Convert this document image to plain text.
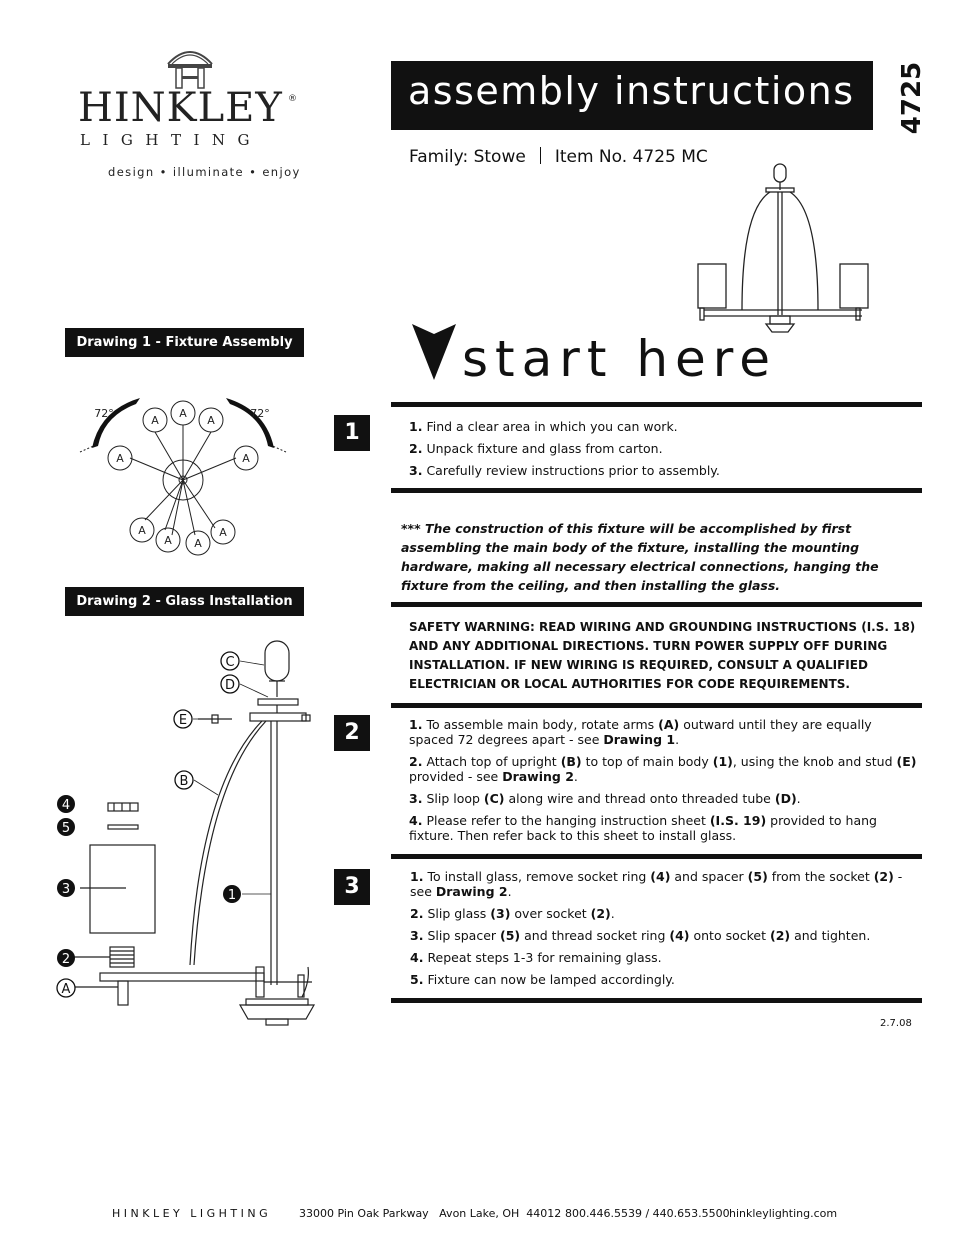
HINKLEY ®
LIGHTING
design • illuminate • enjoy
assembly instructions 4725
Family: Stowe Item No. 4725 MC
start here
Drawing 1 - Fixture Assembly
Drawing 2 - Glass Installation
A
A	A
A	A
A
A A
A
72°	72°
C
D
E
B
4
5
3	1
2
A
1	1. Find a clear area in which you can work.
2. Unpack fixture and glass from carton.
3. Carefully review instructions prior to assembly.
*** The construction of this fixture will be accomplished by first assembling the main body of the fixture, installing the mounting hardware, making all necessary electrical connections, hanging the fixture from the ceiling, and then installing the glass.
SAFETY WARNING: READ WIRING AND GROUNDING INSTRUCTIONS (I.S. 18) AND ANY ADDITIONAL DIRECTIONS. TURN POWER SUPPLY OFF DURING INSTALLATION. IF NEW WIRING IS REQUIRED, CONSULT A QUALIFIED ELECTRICIAN OR LOCAL AUTHORITIES FOR CODE REQUIREMENTS.
2	1. To assemble main body, rotate arms (A) outward until they are equally spaced 72 degrees apart - see Drawing 1.
2. Attach top of upright (B) to top of main body (1), using the knob and stud (E) provided - see Drawing 2.
3. Slip loop (C) along wire and thread onto threaded tube (D).
4. Please refer to the hanging instruction sheet (I.S. 19) provided to hang fixture. Then refer back to this sheet to install glass.
3	1. To install glass, remove socket ring (4) and spacer (5) from the socket (2) - see Drawing 2.
2. Slip glass (3) over socket (2).
3. Slip spacer (5) and thread socket ring (4) onto socket (2) and tighten.
4. Repeat steps 1-3 for remaining glass.
5. Fixture can now be lamped accordingly.
2.7.08
HINKLEY LIGHTING	33000 Pin Oak Parkway   Avon Lake, OH  44012 800.446.5539 / 440.653.5500 hinkleylighting.com
